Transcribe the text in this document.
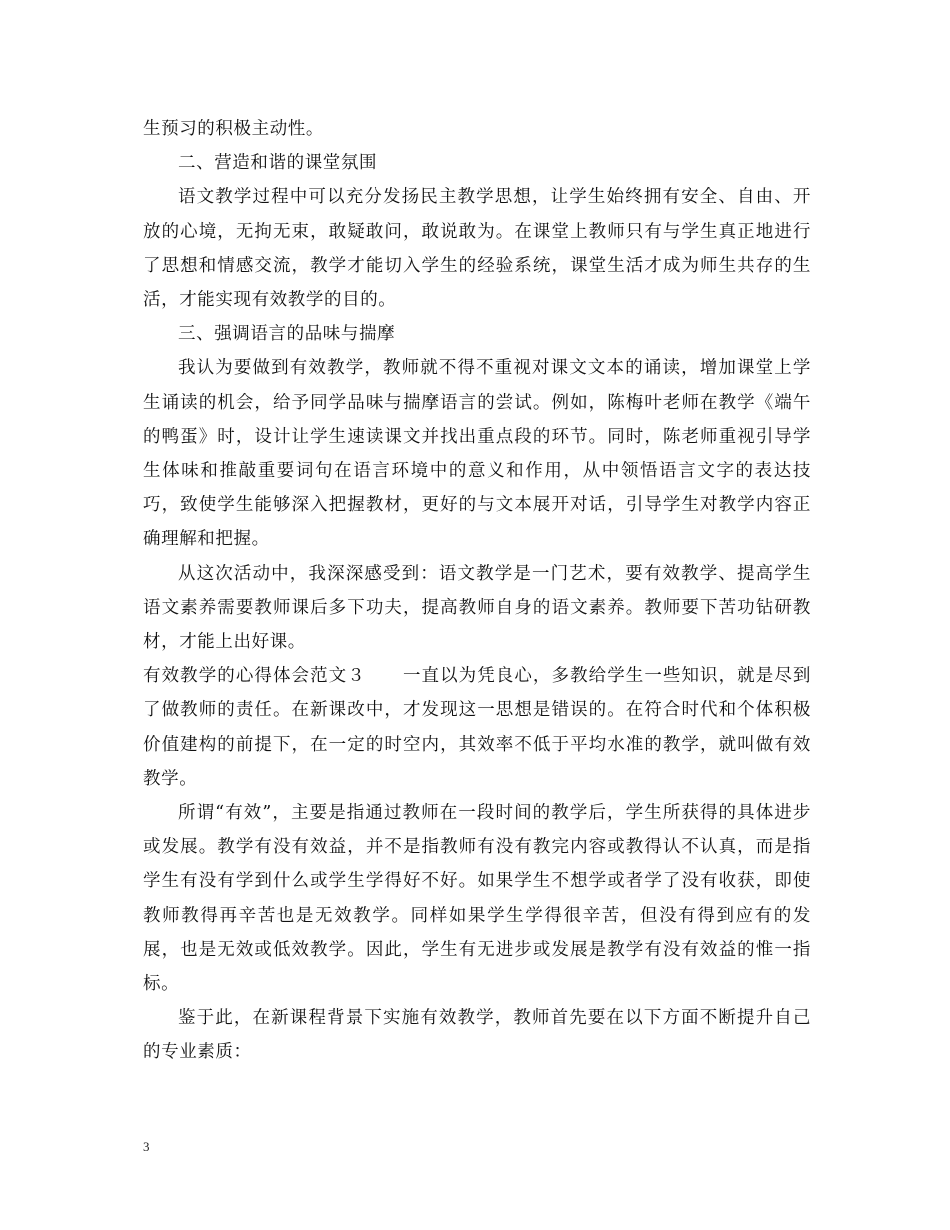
生预习的积极主动性。

二、营造和谐的课堂氛围

语文教学过程中可以充分发扬民主教学思想，让学生始终拥有安全、自由、开放的心境，无拘无束，敢疑敢问，敢说敢为。在课堂上教师只有与学生真正地进行了思想和情感交流，教学才能切入学生的经验系统，课堂生活才成为师生共存的生活，才能实现有效教学的目的。

三、强调语言的品味与揣摩

我认为要做到有效教学，教师就不得不重视对课文文本的诵读，增加课堂上学生诵读的机会，给予同学品味与揣摩语言的尝试。例如，陈梅叶老师在教学《端午的鸭蛋》时，设计让学生速读课文并找出重点段的环节。同时，陈老师重视引导学生体味和推敲重要词句在语言环境中的意义和作用，从中领悟语言文字的表达技巧，致使学生能够深入把握教材，更好的与文本展开对话，引导学生对教学内容正确理解和把握。

从这次活动中，我深深感受到：语文教学是一门艺术，要有效教学、提高学生语文素养需要教师课后多下功夫，提高教师自身的语文素养。教师要下苦功钻研教材，才能上出好课。

有效教学的心得体会范文３　　一直以为凭良心，多教给学生一些知识，就是尽到了做教师的责任。在新课改中，才发现这一思想是错误的。在符合时代和个体积极价值建构的前提下，在一定的时空内，其效率不低于平均水准的教学，就叫做有效教学。

所谓“有效”，主要是指通过教师在一段时间的教学后，学生所获得的具体进步或发展。教学有没有效益，并不是指教师有没有教完内容或教得认不认真，而是指学生有没有学到什么或学生学得好不好。如果学生不想学或者学了没有收获，即使教师教得再辛苦也是无效教学。同样如果学生学得很辛苦，但没有得到应有的发展，也是无效或低效教学。因此，学生有无进步或发展是教学有没有效益的惟一指标。

鉴于此，在新课程背景下实施有效教学，教师首先要在以下方面不断提升自己的专业素质：

3
